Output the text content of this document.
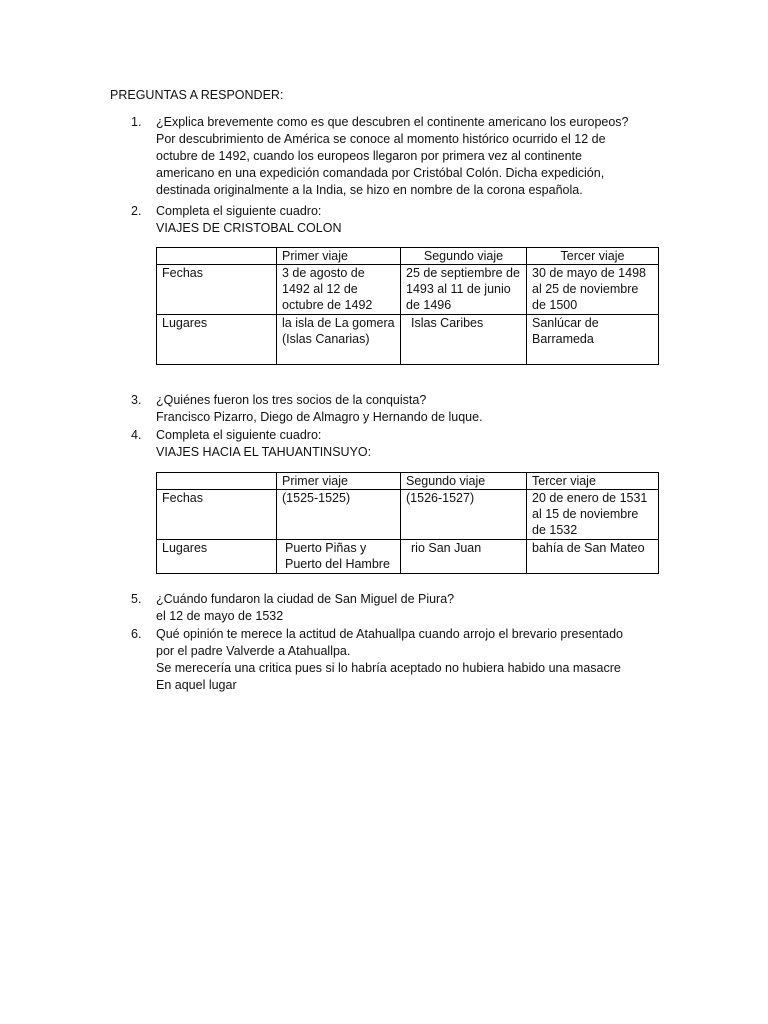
PREGUNTAS A RESPONDER:
1. ¿Explica brevemente como es que descubren el continente americano los europeos?
Por descubrimiento de América se conoce al momento histórico ocurrido el 12 de
octubre de 1492, cuando los europeos llegaron por primera vez al continente
americano en una expedición comandada por Cristóbal Colón. Dicha expedición,
destinada originalmente a la India, se hizo en nombre de la corona española.
2. Completa el siguiente cuadro:
VIAJES DE CRISTOBAL COLON
	Primer viaje	Segundo viaje	Tercer viaje
Fechas	3 de agosto de 1492 al 12 de octubre de 1492	25 de septiembre de 1493 al 11 de junio de 1496	30 de mayo de 1498 al 25 de noviembre de 1500
Lugares	la isla de La gomera (Islas Canarias)	Islas Caribes	Sanlúcar de Barrameda
3. ¿Quiénes fueron los tres socios de la conquista?
Francisco Pizarro, Diego de Almagro y Hernando de luque.
4. Completa el siguiente cuadro:
VIAJES HACIA EL TAHUANTINSUYO:
	Primer viaje	Segundo viaje	Tercer viaje
Fechas	(1525-1525)	(1526-1527)	20 de enero de 1531 al 15 de noviembre de 1532
Lugares	Puerto Piñas y Puerto del Hambre	rio San Juan	bahía de San Mateo
5. ¿Cuándo fundaron la ciudad de San Miguel de Piura?
el 12 de mayo de 1532
6. Qué opinión te merece la actitud de Atahuallpa cuando arrojo el brevario presentado
por el padre Valverde a Atahuallpa.
Se merecería una critica pues si lo habría aceptado no hubiera habido una masacre
En aquel lugar
